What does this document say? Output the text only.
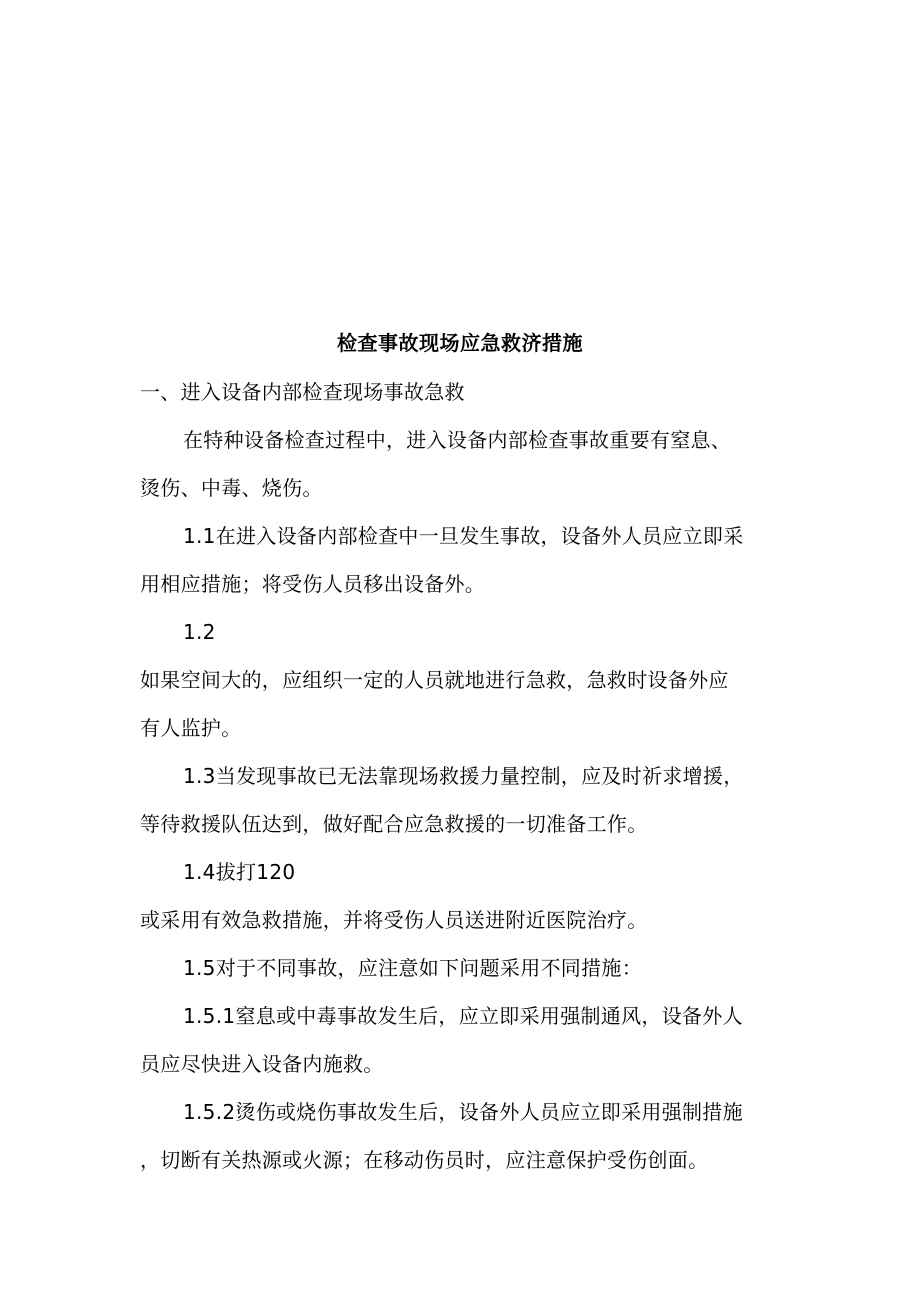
检查事故现场应急救济措施
一、进入设备内部检查现场事故急救
在特种设备检查过程中，进入设备内部检查事故重要有窒息、
烫伤、中毒、烧伤。
1.1在进入设备内部检查中一旦发生事故，设备外人员应立即采
用相应措施；将受伤人员移出设备外。
1.2
如果空间大的，应组织一定的人员就地进行急救，急救时设备外应
有人监护。
1.3当发现事故已无法靠现场救援力量控制，应及时祈求增援，
等待救援队伍达到，做好配合应急救援的一切准备工作。
1.4拔打120
或采用有效急救措施，并将受伤人员送进附近医院治疗。
1.5对于不同事故，应注意如下问题采用不同措施：
1.5.1窒息或中毒事故发生后，应立即采用强制通风，设备外人
员应尽快进入设备内施救。
1.5.2烫伤或烧伤事故发生后，设备外人员应立即采用强制措施
，切断有关热源或火源；在移动伤员时，应注意保护受伤创面。
